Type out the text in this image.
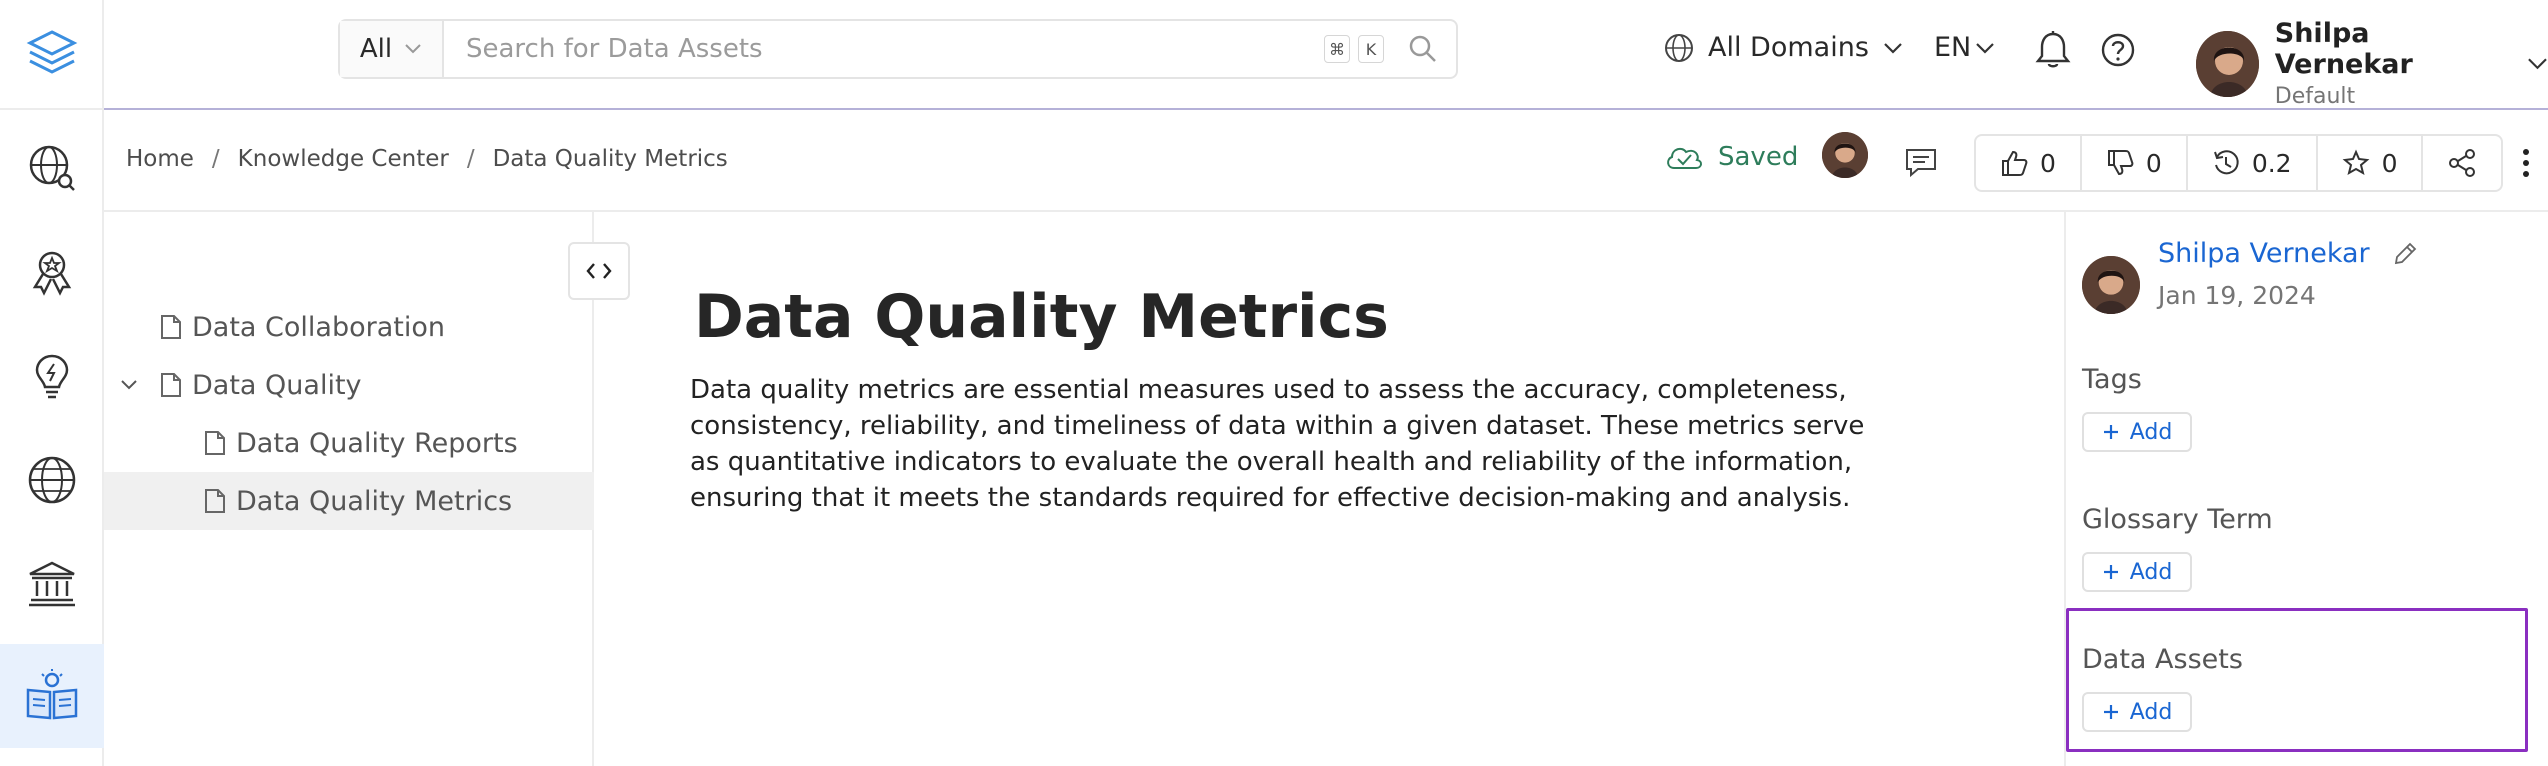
All	Search for Data Assets	⌘	K	All Domains EN	Shilpa Vernekar
Default
Home / Knowledge Center / Data Quality Metrics	Saved	0	0	0.2	0
Data Collaboration
Data Quality
Data Quality Reports
Data Quality Metrics
Data Quality Metrics

Data quality metrics are essential measures used to assess the accuracy, completeness, consistency, reliability, and timeliness of data within a given dataset. These metrics serve as quantitative indicators to evaluate the overall health and reliability of the information, ensuring that it meets the standards required for effective decision-making and analysis.

Shilpa Vernekar
Jan 19, 2024
Tags
Add
Glossary Term
Add
Data Assets
Add
